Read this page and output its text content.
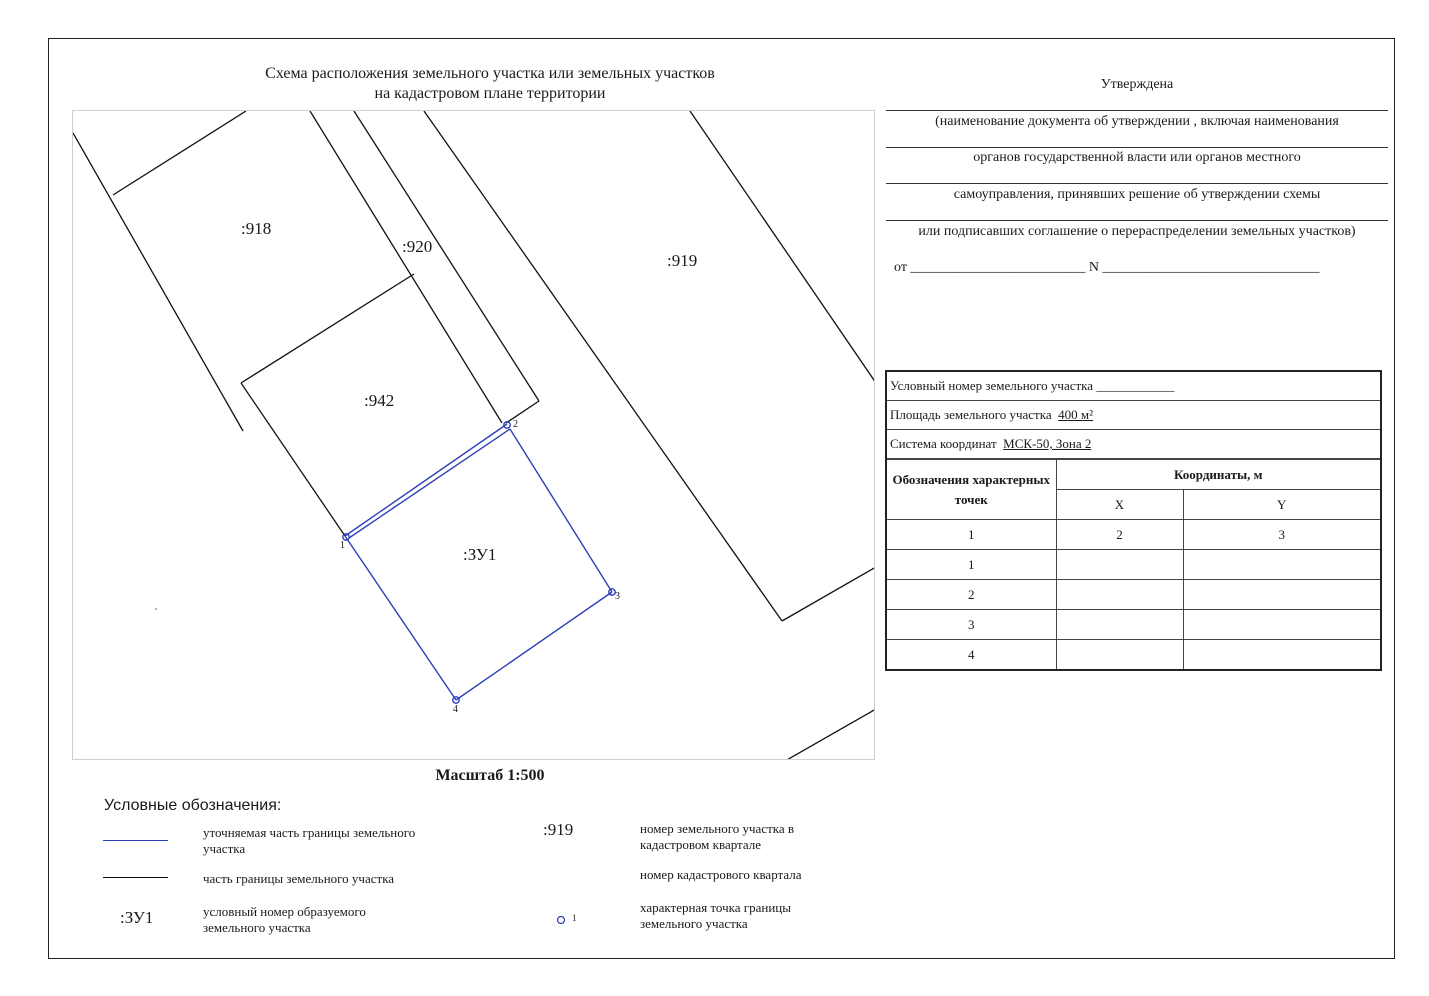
Схема расположения земельного участка или земельных участков
на кадастровом плане территории
:918
:920
:919
:942
:ЗУ1
1
2
3
4
Масштаб 1:500
Условные обозначения:
уточняемая часть границы земельного участка
часть границы земельного участка
:ЗУ1	условный номер образуемого земельного участка
:919	номер земельного участка в кадастровом квартале
номер кадастрового квартала
1
характерная точка границы земельного участка
Утверждена
(наименование документа об утверждении , включая наименования
органов государственной власти или органов местного
самоуправления, принявших решение об утверждении схемы
или подписавших соглашение о перераспределении земельных участков)
от _________________________ N _______________________________
Условный номер земельного участка ____________
Площадь земельного участка 400 м²
Система координат МСК-50, Зона 2
Обозначения характерных точек	Координаты, м	
	X	Y
1	2	3
1		
2		
3		
4		
